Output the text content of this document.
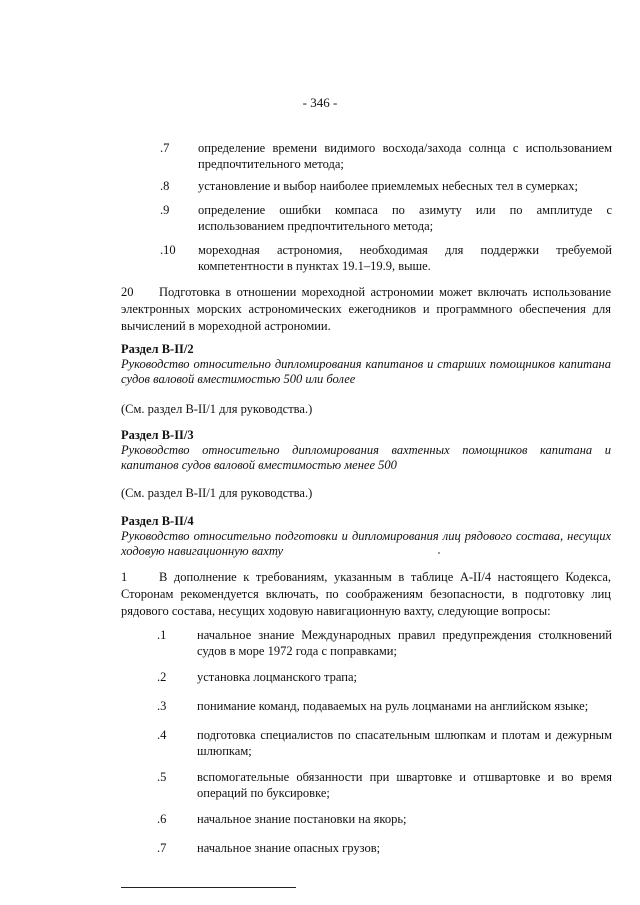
- 346 -
.7 определение времени видимого восхода/захода солнца с использованием предпочтительного метода;
.8 установление и выбор наиболее приемлемых небесных тел в сумерках;
.9 определение ошибки компаса по азимуту или по амплитуде с использованием предпочтительного метода;
.10 мореходная астрономия, необходимая для поддержки требуемой компетентности в пунктах 19.1–19.9, выше.
20 Подготовка в отношении мореходной астрономии может включать использование электронных морских астрономических ежегодников и программного обеспечения для вычислений в мореходной астрономии.
Раздел B-II/2
Руководство относительно дипломирования капитанов и старших помощников капитана судов валовой вместимостью 500 или более
(См. раздел B-II/1 для руководства.)
Раздел B-II/3
Руководство относительно дипломирования вахтенных помощников капитана и капитанов судов валовой вместимостью менее 500
(См. раздел B-II/1 для руководства.)
Раздел B-II/4
Руководство относительно подготовки и дипломирования лиц рядового состава, несущих ходовую навигационную вахту
1	В дополнение к требованиям, указанным в таблице A-II/4 настоящего Кодекса, Сторонам рекомендуется включать, по соображениям безопасности, в подготовку лиц рядового состава, несущих ходовую навигационную вахту, следующие вопросы:
.1 начальное знание Международных правил предупреждения столкновений судов в море 1972 года с поправками;
.2 установка лоцманского трапа;
.3 понимание команд, подаваемых на руль лоцманами на английском языке;
.4 подготовка специалистов по спасательным шлюпкам и плотам и дежурным шлюпкам;
.5 вспомогательные обязанности при швартовке и отшвартовке и во время операций по буксировке;
.6 начальное знание постановки на якорь;
.7 начальное знание опасных грузов;
